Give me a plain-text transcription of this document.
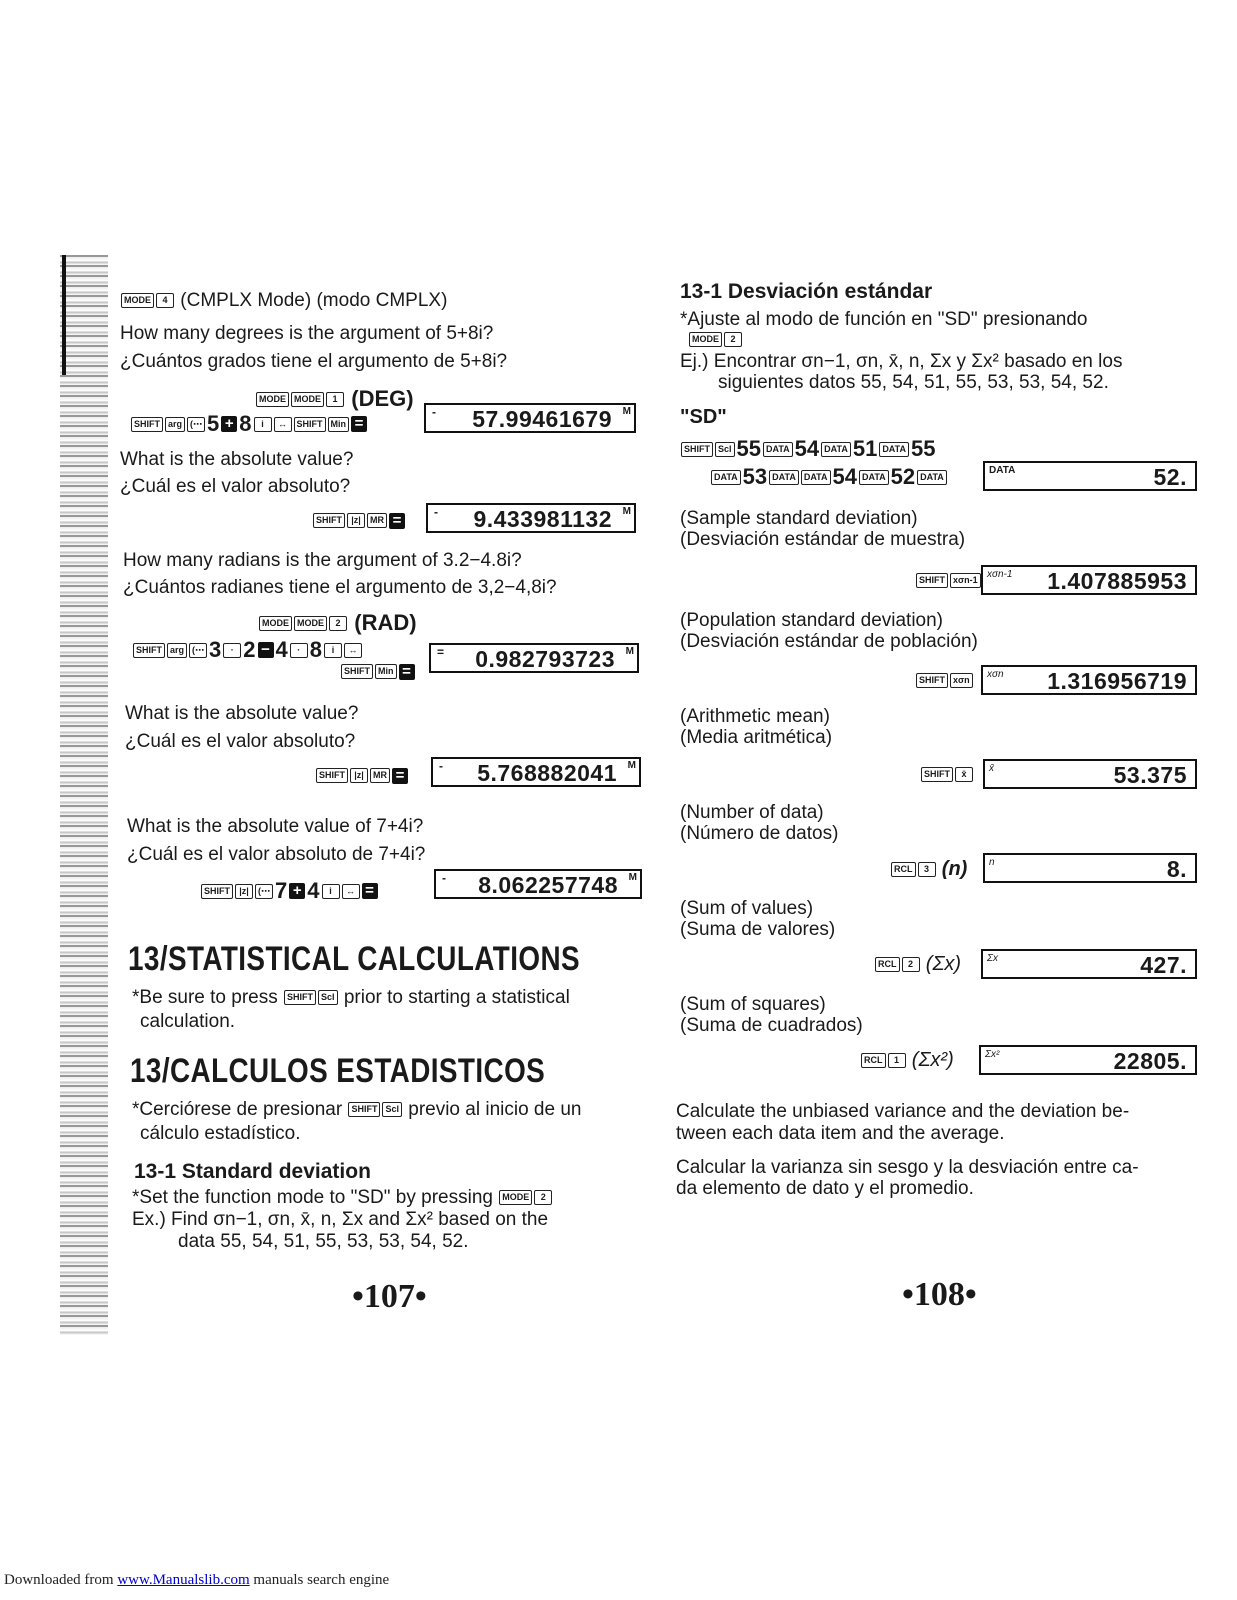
MODE 4 (CMPLX Mode) (modo CMPLX)
How many degrees is the argument of 5+8i?
¿Cuántos grados tiene el argumento de 5+8i?
MODE MODE 1 (DEG)
SHIFT arg (⋯ 5 + 8 i ↔ SHIFT Min =
- 57.99461679 M
What is the absolute value?
¿Cuál es el valor absoluto?
SHIFT |z| MR =	- 9.433981132 M
How many radians is the argument of 3.2−4.8i?
¿Cuántos radianes tiene el argumento de 3,2−4,8i?
MODE MODE 2 (RAD)
SHIFT arg (⋯ 3 · 2 − 4 · 8 i ↔
SHIFT Min =
= 0.982793723 M
What is the absolute value?
¿Cuál es el valor absoluto?
SHIFT |z| MR =
- 5.768882041 M
What is the absolute value of 7+4i?
¿Cuál es el valor absoluto de 7+4i?
SHIFT |z| (⋯ 7 + 4 i ↔ =
- 8.062257748 M
13/STATISTICAL CALCULATIONS
*Be sure to press SHIFT Scl prior to starting a statistical
calculation.
13/CALCULOS ESTADISTICOS
*Cerciórese de presionar SHIFT Scl previo al inicio de un
cálculo estadístico.
13-1 Standard deviation
*Set the function mode to "SD" by pressing MODE 2
Ex.) Find σn−1, σn, x̄, n, Σx and Σx² based on the
data 55, 54, 51, 55, 53, 53, 54, 52.
•107•
13-1 Desviación estándar
*Ajuste al modo de función en "SD" presionando
MODE 2
Ej.) Encontrar σn−1, σn, x̄, n, Σx y Σx² basado en los
siguientes datos 55, 54, 51, 55, 53, 53, 54, 52.
"SD"
SHIFT Scl 55 DATA 54 DATA 51 DATA 55
DATA 53 DATA DATA 54 DATA 52 DATA
DATA	52.
(Sample standard deviation)
(Desviación estándar de muestra)
SHIFT xσn-1
xσn-1 1.407885953
(Population standard deviation)
(Desviación estándar de población)
SHIFT xσn
xσn 1.316956719
(Arithmetic mean)
(Media aritmética)
SHIFT x̄
x̄	53.375
(Number of data)
(Número de datos)
RCL 3 (n) n	8.
(Sum of values)
(Suma de valores)
RCL 2 (Σx)	Σx	427.
(Sum of squares)
(Suma de cuadrados)
RCL 1 (Σx²)	Σx²	22805.
Calculate the unbiased variance and the deviation be-
tween each data item and the average.
Calcular la varianza sin sesgo y la desviación entre ca-
da elemento de dato y el promedio.
•108•
Downloaded from www.Manualslib.com manuals search engine
